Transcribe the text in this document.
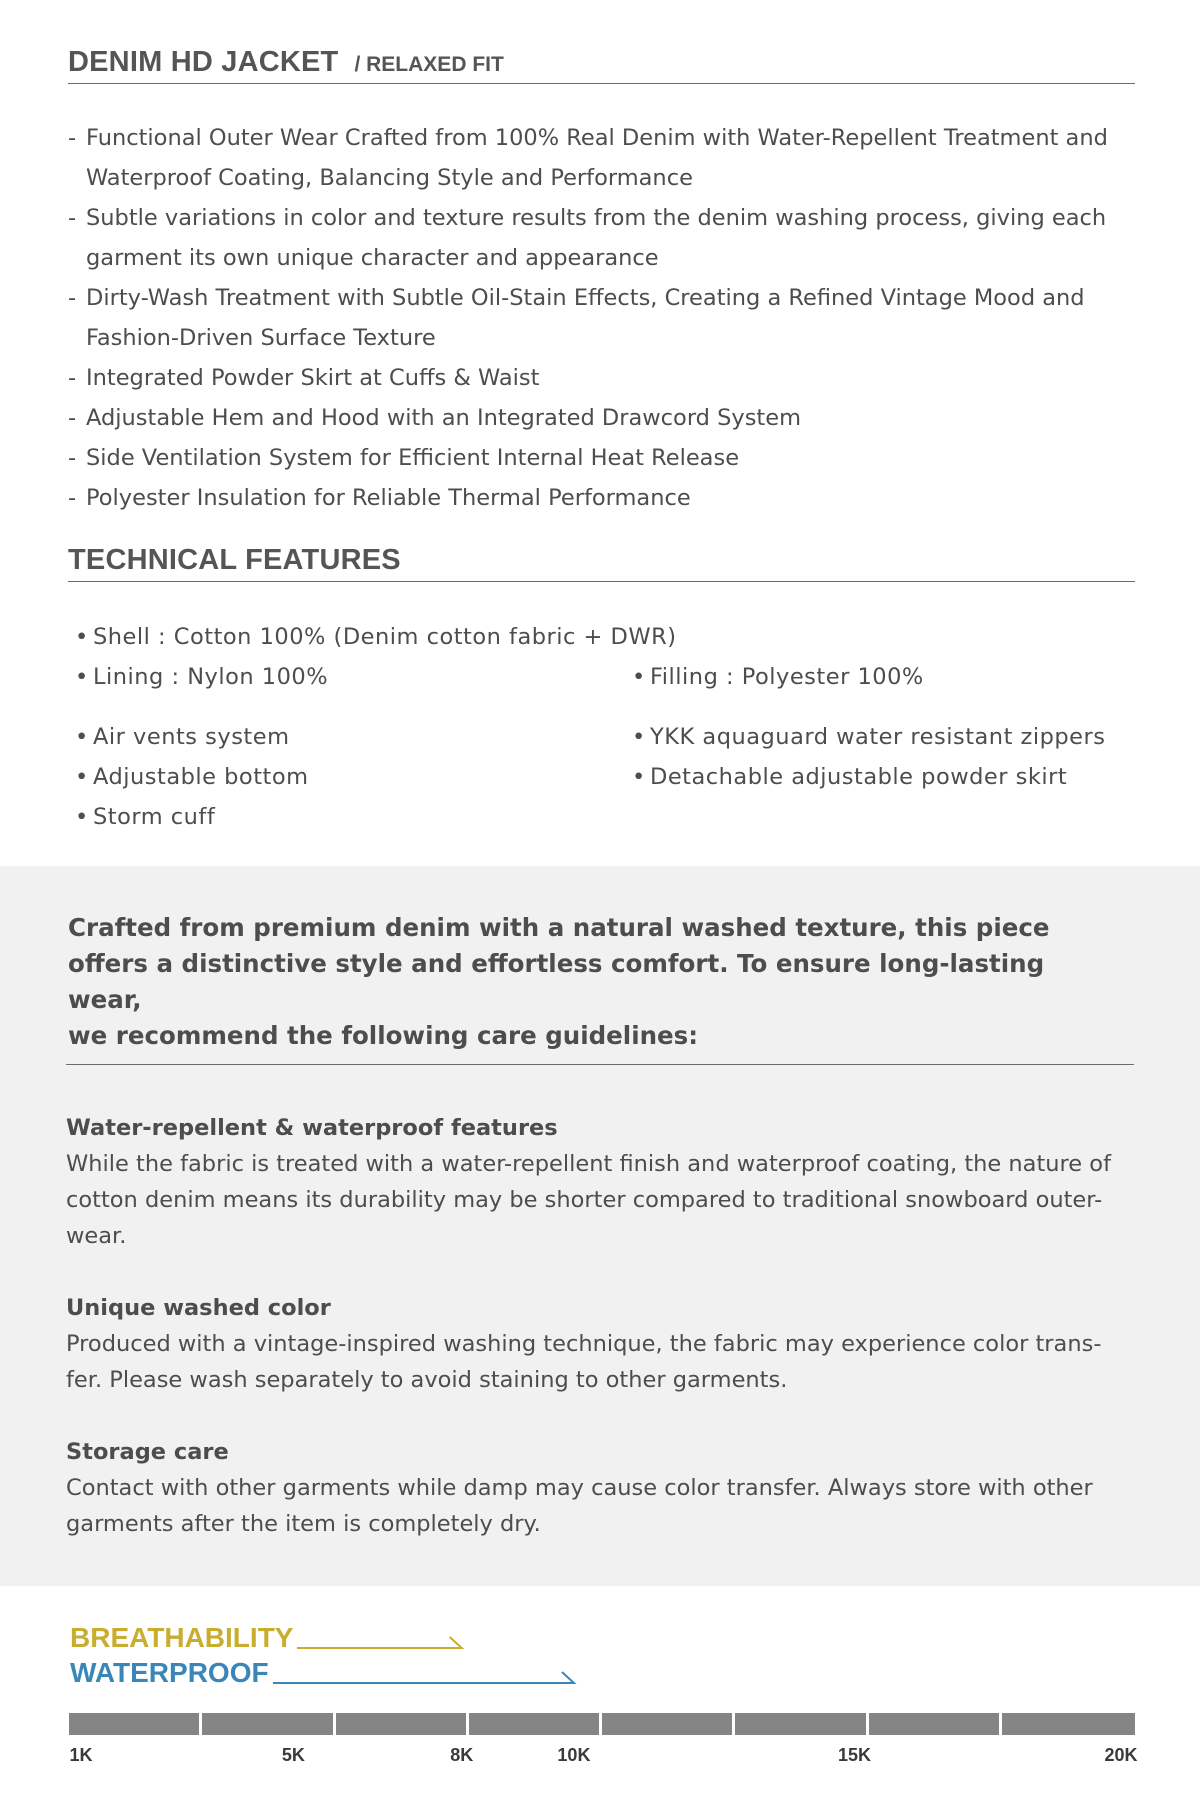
DENIM HD JACKET / RELAXED FIT
- Functional Outer Wear Crafted from 100% Real Denim with Water-Repellent Treatment and Waterproof Coating, Balancing Style and Performance
- Subtle variations in color and texture results from the denim washing process, giving each garment its own unique character and appearance
- Dirty-Wash Treatment with Subtle Oil-Stain Effects, Creating a Refined Vintage Mood and Fashion-Driven Surface Texture
- Integrated Powder Skirt at Cuffs & Waist
- Adjustable Hem and Hood with an Integrated Drawcord System
- Side Ventilation System for Efficient Internal Heat Release
- Polyester Insulation for Reliable Thermal Performance
TECHNICAL FEATURES
• Shell : Cotton 100% (Denim cotton fabric + DWR)
• Lining : Nylon 100%	• Filling : Polyester 100%
• Air vents system
• Adjustable bottom
• Storm cuff
• YKK aquaguard water resistant zippers
• Detachable adjustable powder skirt

Crafted from premium denim with a natural washed texture, this piece
offers a distinctive style and effortless comfort. To ensure long-lasting wear,
we recommend the following care guidelines:

Water-repellent & waterproof features
While the fabric is treated with a water-repellent finish and waterproof coating, the nature of cotton denim means its durability may be shorter compared to traditional snowboard outer-wear.
Unique washed color
Produced with a vintage-inspired washing technique, the fabric may experience color trans-fer. Please wash separately to avoid staining to other garments.
Storage care
Contact with other garments while damp may cause color transfer. Always store with other garments after the item is completely dry.
BREATHABILITY
WATERPROOF
1K	5K	8K	10K	15K	20K
